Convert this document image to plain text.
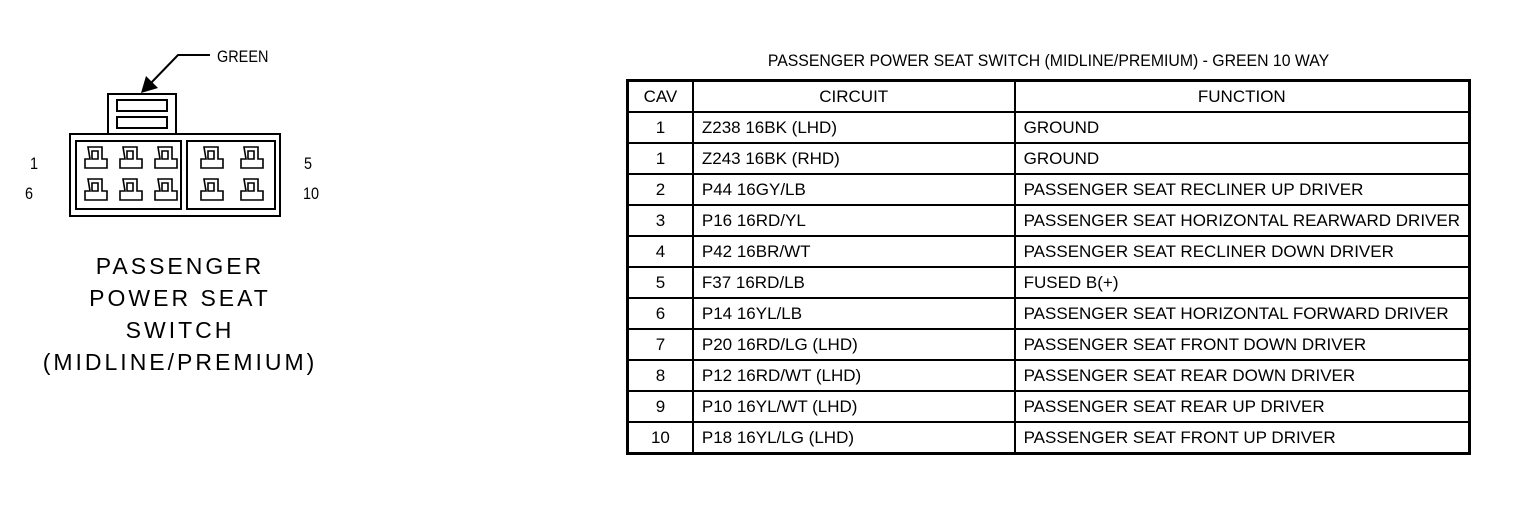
GREEN
1
6
5
10
PASSENGER
POWER SEAT
SWITCH
(MIDLINE/PREMIUM)
PASSENGER POWER SEAT SWITCH (MIDLINE/PREMIUM) - GREEN 10 WAY
CAV	CIRCUIT	FUNCTION
1	Z238 16BK (LHD)	GROUND
1	Z243 16BK (RHD)	GROUND
2	P44 16GY/LB	PASSENGER SEAT RECLINER UP DRIVER
3	P16 16RD/YL	PASSENGER SEAT HORIZONTAL REARWARD DRIVER
4	P42 16BR/WT	PASSENGER SEAT RECLINER DOWN DRIVER
5	F37 16RD/LB	FUSED B(+)
6	P14 16YL/LB	PASSENGER SEAT HORIZONTAL FORWARD DRIVER
7	P20 16RD/LG (LHD)	PASSENGER SEAT FRONT DOWN DRIVER
8	P12 16RD/WT (LHD)	PASSENGER SEAT REAR DOWN DRIVER
9	P10 16YL/WT (LHD)	PASSENGER SEAT REAR UP DRIVER
10	P18 16YL/LG (LHD)	PASSENGER SEAT FRONT UP DRIVER
